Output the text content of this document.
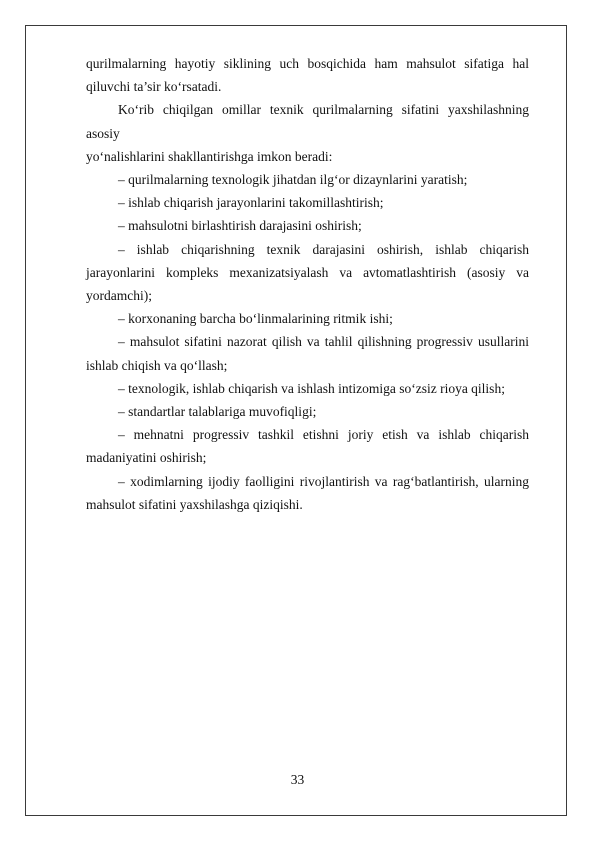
qurilmalarning hayotiy siklining uch bosqichida ham mahsulot sifatiga hal qiluvchi ta’sir ko‘rsatadi.

Ko‘rib chiqilgan omillar texnik qurilmalarning sifatini yaxshilashning asosiy

yo‘nalishlarini shakllantirishga imkon beradi:

– qurilmalarning texnologik jihatdan ilg‘or dizaynlarini yaratish;

– ishlab chiqarish jarayonlarini takomillashtirish;

– mahsulotni birlashtirish darajasini oshirish;

– ishlab chiqarishning texnik darajasini oshirish, ishlab chiqarish jarayonlarini kompleks mexanizatsiyalash va avtomatlashtirish (asosiy va yordamchi);

– korxonaning barcha bo‘linmalarining ritmik ishi;

– mahsulot sifatini nazorat qilish va tahlil qilishning progressiv usullarini ishlab chiqish va qo‘llash;

– texnologik, ishlab chiqarish va ishlash intizomiga so‘zsiz rioya qilish;

– standartlar talablariga muvofiqligi;

– mehnatni progressiv tashkil etishni joriy etish va ishlab chiqarish madaniyatini oshirish;

– xodimlarning ijodiy faolligini rivojlantirish va rag‘batlantirish, ularning mahsulot sifatini yaxshilashga qiziqishi.

33
